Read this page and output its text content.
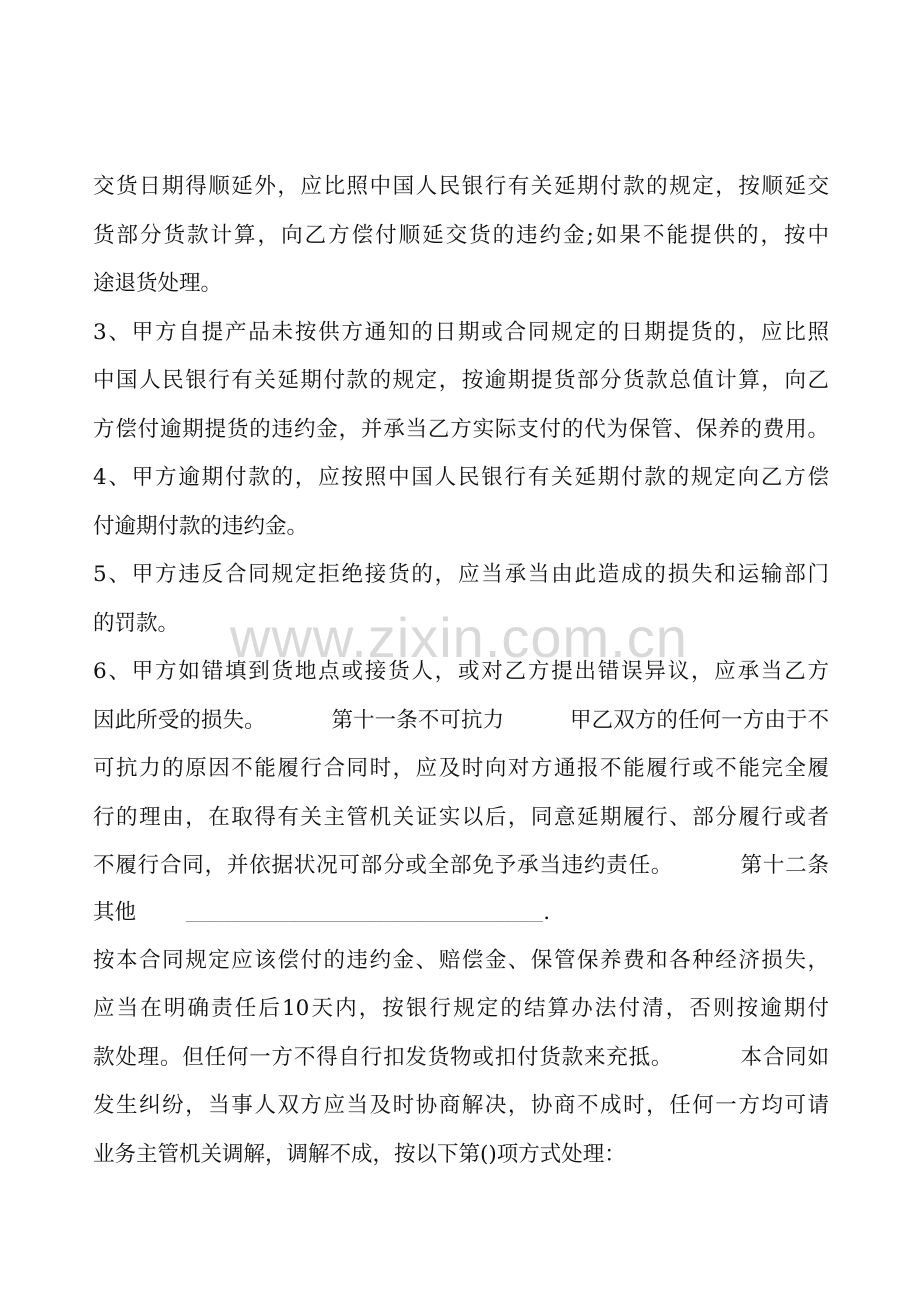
www.zixin.com.cn
交货日期得顺延外，应比照中国人民银行有关延期付款的规定，按顺延交
货部分货款计算，向乙方偿付顺延交货的违约金;如果不能提供的，按中
途退货处理。
3、甲方自提产品未按供方通知的日期或合同规定的日期提货的，应比照
中国人民银行有关延期付款的规定，按逾期提货部分货款总值计算，向乙
方偿付逾期提货的违约金，并承当乙方实际支付的代为保管、保养的费用。
4、甲方逾期付款的，应按照中国人民银行有关延期付款的规定向乙方偿
付逾期付款的违约金。
5、甲方违反合同规定拒绝接货的，应当承当由此造成的损失和运输部门
的罚款。
6、甲方如错填到货地点或接货人，或对乙方提出错误异议，应承当乙方
因此所受的损失。	第十一条不可抗力	甲乙双方的任何一方由于不
可抗力的原因不能履行合同时，应及时向对方通报不能履行或不能完全履
行的理由，在取得有关主管机关证实以后，同意延期履行、部分履行或者
不履行合同，并依据状况可部分或全部免予承当违约责任。	第十二条
其他	________________________________________________________.
按本合同规定应该偿付的违约金、赔偿金、保管保养费和各种经济损失，
应当在明确责任后10天内，按银行规定的结算办法付清，否则按逾期付
款处理。但任何一方不得自行扣发货物或扣付货款来充抵。	本合同如
发生纠纷，当事人双方应当及时协商解决，协商不成时，任何一方均可请
业务主管机关调解，调解不成，按以下第()项方式处理：
